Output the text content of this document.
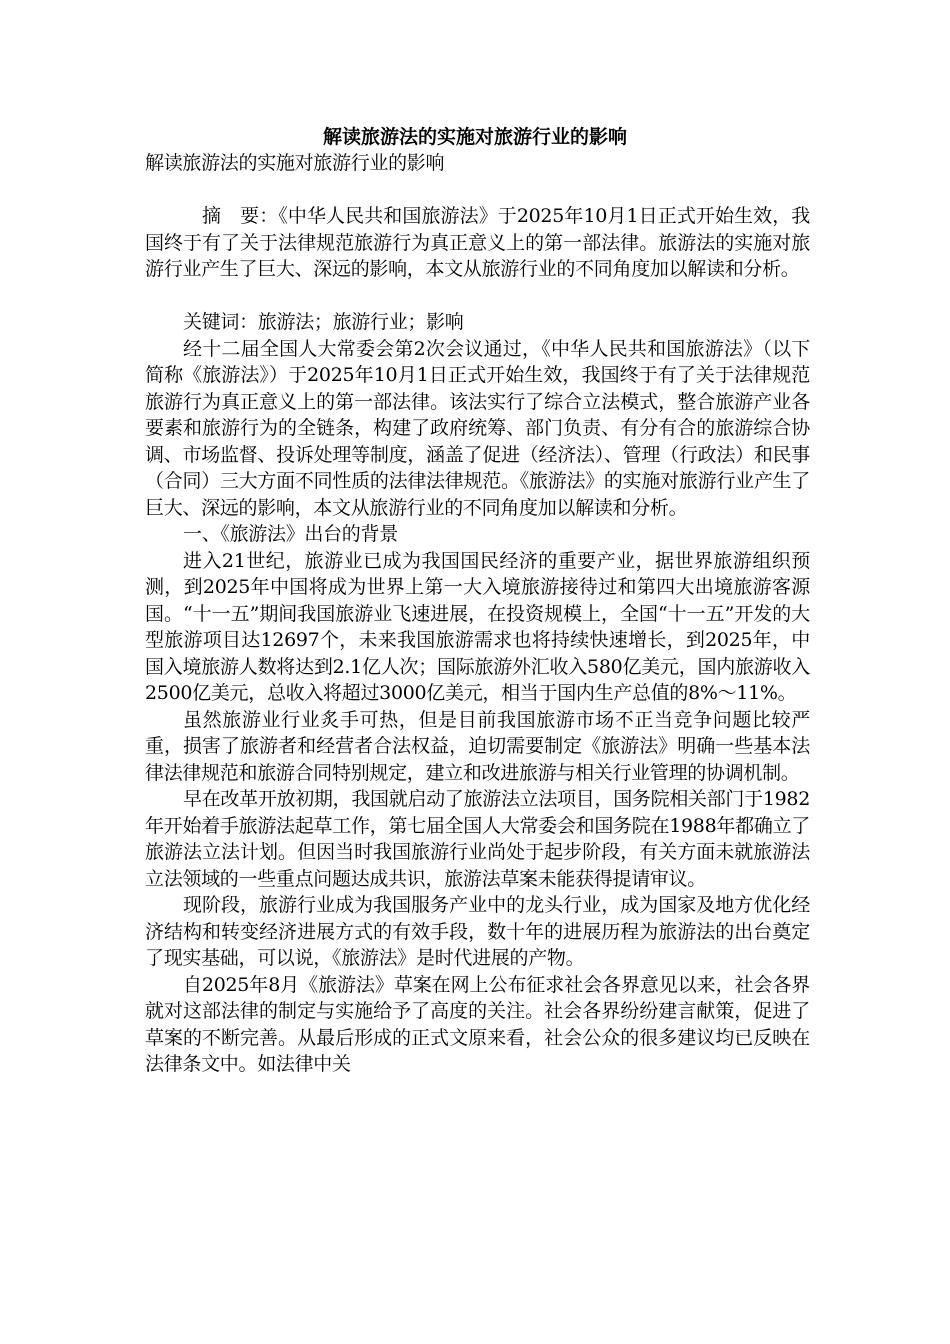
解读旅游法的实施对旅游行业的影响

解读旅游法的实施对旅游行业的影响

摘　要：《中华人民共和国旅游法》于2025年10月1日正式开始生效，我国终于有了关于法律规范旅游行为真正意义上的第一部法律。旅游法的实施对旅游行业产生了巨大、深远的影响，本文从旅游行业的不同角度加以解读和分析。

关键词：旅游法；旅游行业；影响

经十二届全国人大常委会第2次会议通过，《中华人民共和国旅游法》（以下简称《旅游法》）于2025年10月1日正式开始生效，我国终于有了关于法律规范旅游行为真正意义上的第一部法律。该法实行了综合立法模式，整合旅游产业各要素和旅游行为的全链条，构建了政府统筹、部门负责、有分有合的旅游综合协调、市场监督、投诉处理等制度，涵盖了促进（经济法）、管理（行政法）和民事（合同）三大方面不同性质的法律法律规范。《旅游法》的实施对旅游行业产生了巨大、深远的影响，本文从旅游行业的不同角度加以解读和分析。

一、《旅游法》出台的背景

进入21世纪，旅游业已成为我国国民经济的重要产业，据世界旅游组织预测，到2025年中国将成为世界上第一大入境旅游接待过和第四大出境旅游客源国。“十一五”期间我国旅游业飞速进展，在投资规模上，全国“十一五”开发的大型旅游项目达12697个，未来我国旅游需求也将持续快速增长，到2025年，中国入境旅游人数将达到2.1亿人次；国际旅游外汇收入580亿美元，国内旅游收入2500亿美元，总收入将超过3000亿美元，相当于国内生产总值的8%～11%。

虽然旅游业行业炙手可热，但是目前我国旅游市场不正当竞争问题比较严重，损害了旅游者和经营者合法权益，迫切需要制定《旅游法》明确一些基本法律法律规范和旅游合同特别规定，建立和改进旅游与相关行业管理的协调机制。

早在改革开放初期，我国就启动了旅游法立法项目，国务院相关部门于1982年开始着手旅游法起草工作，第七届全国人大常委会和国务院在1988年都确立了旅游法立法计划。但因当时我国旅游行业尚处于起步阶段，有关方面未就旅游法立法领域的一些重点问题达成共识，旅游法草案未能获得提请审议。

现阶段，旅游行业成为我国服务产业中的龙头行业，成为国家及地方优化经济结构和转变经济进展方式的有效手段，数十年的进展历程为旅游法的出台奠定了现实基础，可以说，《旅游法》是时代进展的产物。

自2025年8月《旅游法》草案在网上公布征求社会各界意见以来，社会各界就对这部法律的制定与实施给予了高度的关注。社会各界纷纷建言献策，促进了草案的不断完善。从最后形成的正式文原来看，社会公众的很多建议均已反映在法律条文中。如法律中关
